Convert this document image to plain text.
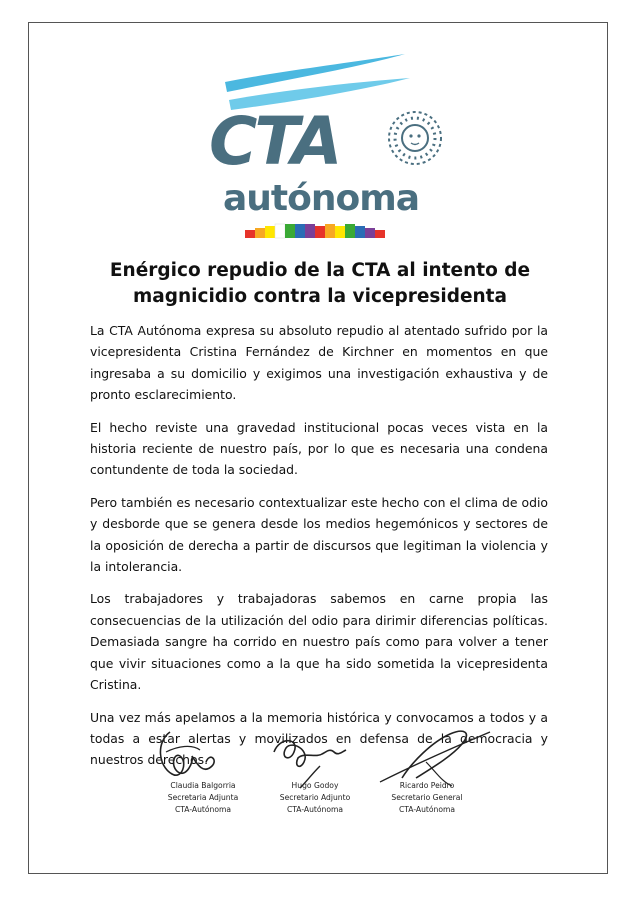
CTA
autónoma
Enérgico repudio de la CTA al intento de
magnicidio contra la vicepresidenta

La CTA Autónoma expresa su absoluto repudio al atentado sufrido por la vicepresidenta Cristina Fernández de Kirchner en momentos en que ingresaba a su domicilio y exigimos una investigación exhaustiva y de pronto esclarecimiento.

El hecho reviste una gravedad institucional pocas veces vista en la historia reciente de nuestro país, por lo que es necesaria una condena contundente de toda la sociedad.

Pero también es necesario contextualizar este hecho con el clima de odio y desborde que se genera desde los medios hegemónicos y sectores de la oposición de derecha a partir de discursos que legitiman la violencia y la intolerancia.

Los trabajadores y trabajadoras sabemos en carne propia las consecuencias de la utilización del odio para dirimir diferencias políticas. Demasiada sangre ha corrido en nuestro país como para volver a tener que vivir situaciones como a la que ha sido sometida la vicepresidenta Cristina.

Una vez más apelamos a la memoria histórica y convocamos a todos y a todas a estar alertas y movilizados en defensa de la democracia y nuestros derechos.

Claudia Balgorria
Secretaria Adjunta
CTA-Autónoma
Hugo Godoy
Secretario Adjunto
CTA-Autónoma
Ricardo Peidro
Secretario General
CTA-Autónoma
